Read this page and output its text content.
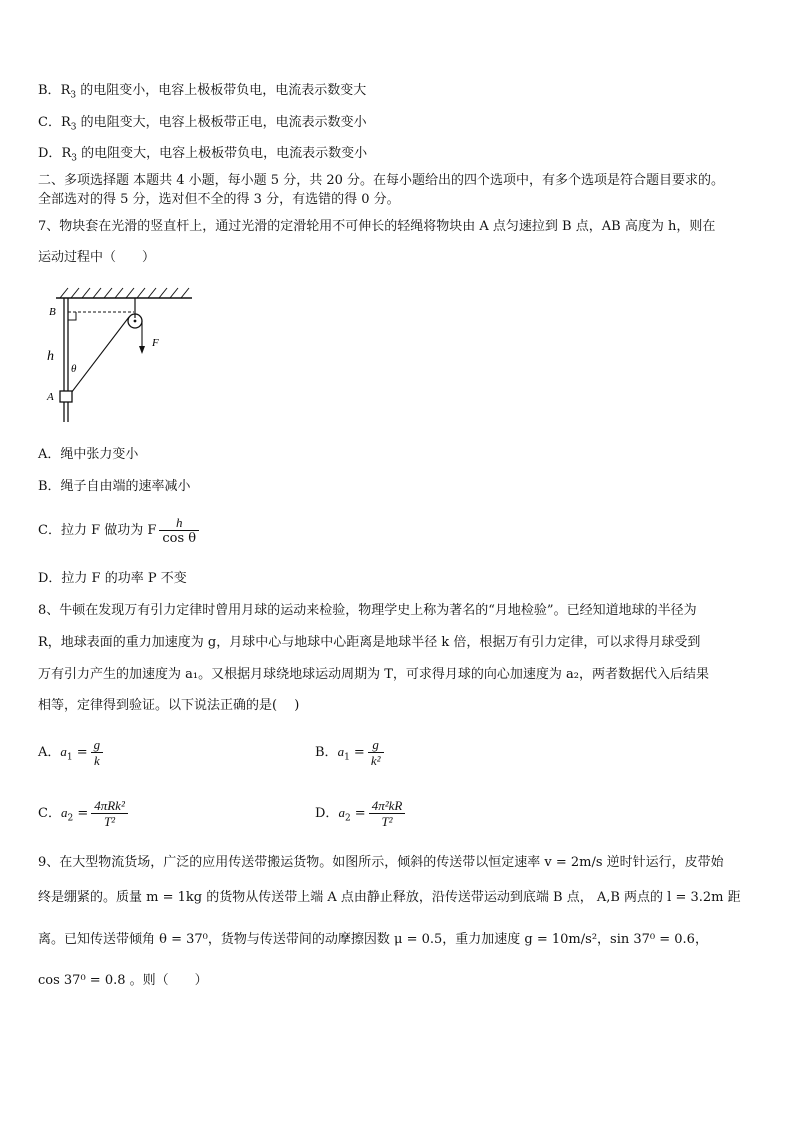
B．$R_3$ 的电阻变小，电容上极板带负电，电流表示数变大
C．$R_3$ 的电阻变大，电容上极板带正电，电流表示数变小
D．$R_3$ 的电阻变大，电容上极板带负电，电流表示数变小
二、多项选择题 本题共 4 小题，每小题 5 分，共 20 分。在每小题给出的四个选项中，有多个选项是符合题目要求的。
全部选对的得 5 分，选对但不全的得 3 分，有选错的得 0 分。
7、物块套在光滑的竖直杆上，通过光滑的定滑轮用不可伸长的轻绳将物块由 A 点匀速拉到 B 点，AB 高度为 h，则在
运动过程中（　　）
B
h
θ
A
F
A．绳中张力变小
B．绳子自由端的速率减小
C．拉力 F 做功为 F $\frac{h}{\text{cos θ}}$
D．拉力 F 的功率 P 不变
8、牛顿在发现万有引力定律时曾用月球的运动来检验，物理学史上称为著名的“月地检验”。已经知道地球的半径为
R，地球表面的重力加速度为 g，月球中心与地球中心距离是地球半径 k 倍，根据万有引力定律，可以求得月球受到
万有引力产生的加速度为 a₁。又根据月球绕地球运动周期为 T，可求得月球的向心加速度为 a₂，两者数据代入后结果
相等，定律得到验证。以下说法正确的是(　 )
A．$a_1 = \frac{g}{k}$	B．$a_1 = \frac{g}{\text{k²}}$
C．$a_2 = \frac{\text{4πRk²}}{\text{T²}}$	D．$a_2 = \frac{\text{4π²kR}}{\text{T²}}$
9、在大型物流货场，广泛的应用传送带搬运货物。如图所示，倾斜的传送带以恒定速率 v = 2m/s 逆时针运行，皮带始
终是绷紧的。质量 m = 1kg 的货物从传送带上端 A 点由静止释放，沿传送带运动到底端 B 点， A,B 两点的 l = 3.2m 距
离。已知传送带倾角 θ = 37⁰，货物与传送带间的动摩擦因数 μ = 0.5，重力加速度 g = 10m/s²，sin 37⁰ = 0.6，
cos 37⁰ = 0.8 。则（　　）
